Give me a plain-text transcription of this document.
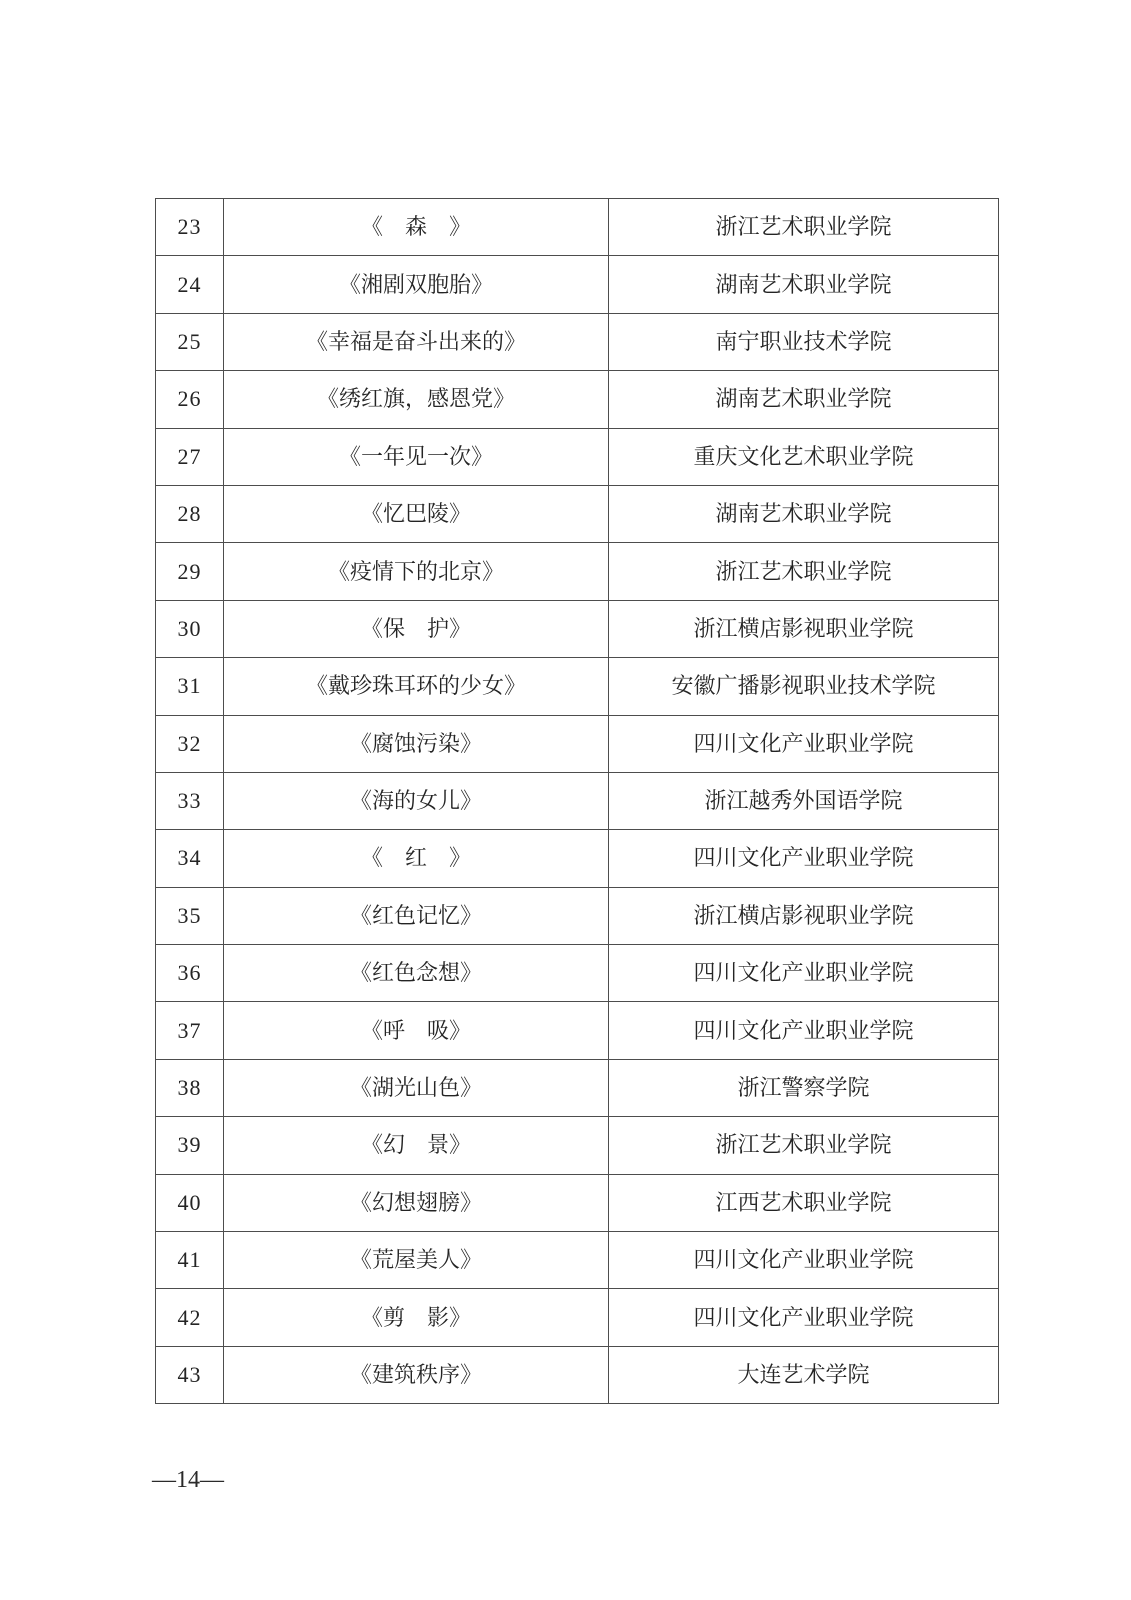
23	《　森　》	浙江艺术职业学院
24	《湘剧双胞胎》	湖南艺术职业学院
25	《幸福是奋斗出来的》	南宁职业技术学院
26	《绣红旗，感恩党》	湖南艺术职业学院
27	《一年见一次》	重庆文化艺术职业学院
28	《忆巴陵》	湖南艺术职业学院
29	《疫情下的北京》	浙江艺术职业学院
30	《保　护》	浙江横店影视职业学院
31	《戴珍珠耳环的少女》	安徽广播影视职业技术学院
32	《腐蚀污染》	四川文化产业职业学院
33	《海的女儿》	浙江越秀外国语学院
34	《　红　》	四川文化产业职业学院
35	《红色记忆》	浙江横店影视职业学院
36	《红色念想》	四川文化产业职业学院
37	《呼　吸》	四川文化产业职业学院
38	《湖光山色》	浙江警察学院
39	《幻　景》	浙江艺术职业学院
40	《幻想翅膀》	江西艺术职业学院
41	《荒屋美人》	四川文化产业职业学院
42	《剪　影》	四川文化产业职业学院
43	《建筑秩序》	大连艺术学院
—14—
